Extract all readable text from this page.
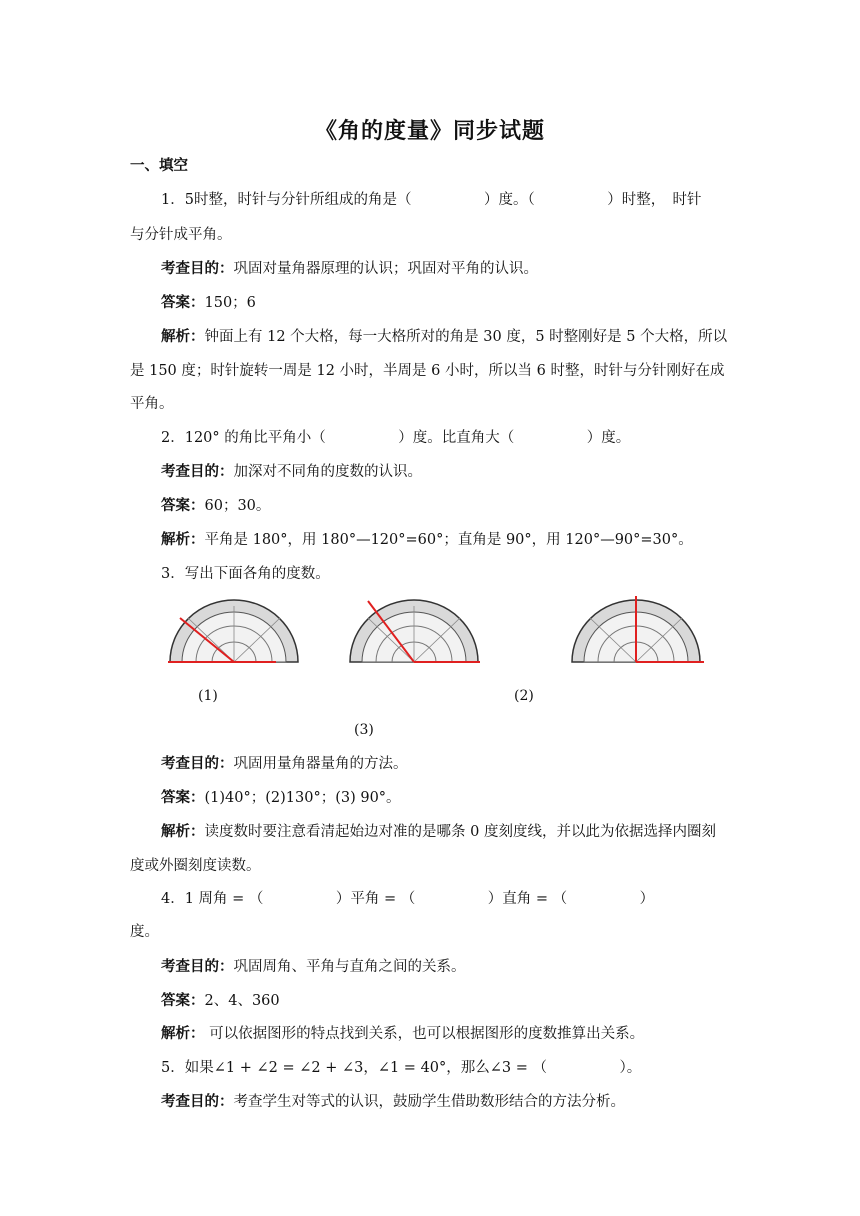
《角的度量》同步试题
一、填空
1．5时整，时针与分针所组成的角是（　　　　　）度。（　　　　　）时整，　时针
与分针成平角。
考查目的：巩固对量角器原理的认识；巩固对平角的认识。
答案：150；6
解析：钟面上有 12 个大格，每一大格所对的角是 30 度，5 时整刚好是 5 个大格，所以
是 150 度；时针旋转一周是 12 小时，半周是 6 小时，所以当 6 时整，时针与分针刚好在成
平角。
2．120° 的角比平角小（　　　　　）度。比直角大（　　　　　）度。
考查目的：加深对不同角的度数的认识。
答案：60；30。
解析：平角是 180°，用 180°—120°=60°；直角是 90°，用 120°—90°=30°。
3．写出下面各角的度数。
(1)	(2)
(3)
考查目的：巩固用量角器量角的方法。
答案：(1)40°；(2)130°；(3) 90°。
解析：读度数时要注意看清起始边对准的是哪条 0 度刻度线，并以此为依据选择内圈刻
度或外圈刻度读数。
4．1 周角 = （　　　　　）平角 = （　　　　　）直角 = （　　　　　）
度。
考查目的：巩固周角、平角与直角之间的关系。
答案：2、4、360
解析： 可以依据图形的特点找到关系，也可以根据图形的度数推算出关系。
5．如果∠1 + ∠2 = ∠2 + ∠3，∠1 = 40°，那么∠3 = （　　　　　）。
考查目的：考查学生对等式的认识，鼓励学生借助数形结合的方法分析。
